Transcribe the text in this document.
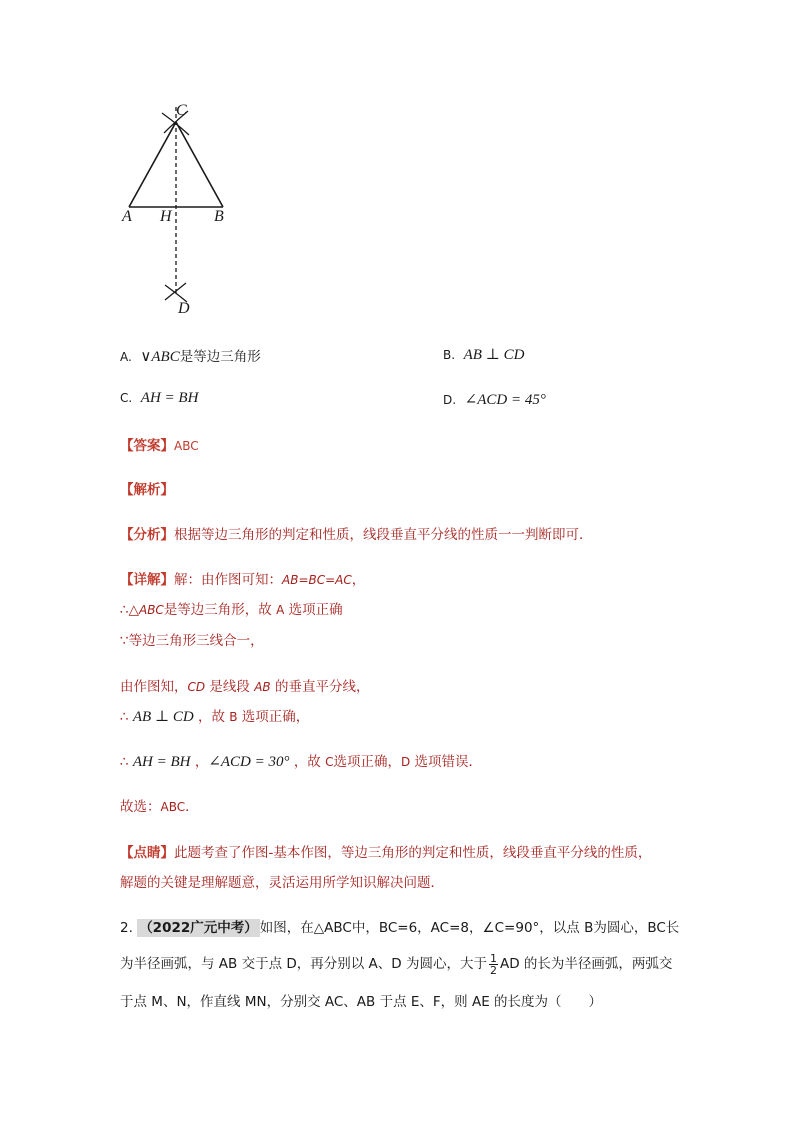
C
A H	B
D
A. ∨ABC是等边三角形	B. AB ⊥ CD
C. AH = BH	D. ∠ACD = 45°
【答案】ABC
【解析】
【分析】根据等边三角形的判定和性质，线段垂直平分线的性质一一判断即可．
【详解】解：由作图可知：AB=BC=AC，
∴△ABC是等边三角形，故 A 选项正确
∵等边三角形三线合一，
由作图知，CD 是线段 AB 的垂直平分线，
∴ AB ⊥ CD ，故 B 选项正确，
∴ AH = BH ，∠ACD = 30° ，故 C选项正确，D 选项错误．
故选：ABC．
【点睛】此题考查了作图-基本作图，等边三角形的判定和性质，线段垂直平分线的性质，
解题的关键是理解题意，灵活运用所学知识解决问题．
2. （2022广元中考） 如图，在△ABC中，BC=6，AC=8，∠C=90°，以点 B为圆心，BC长
为半径画弧，与 AB 交于点 D，再分别以 A、D 为圆心，大于 $\frac{1}{2}$ AD 的长为半径画弧，两弧交
于点 M、N，作直线 MN，分别交 AC、AB 于点 E、F，则 AE 的长度为（　　）
